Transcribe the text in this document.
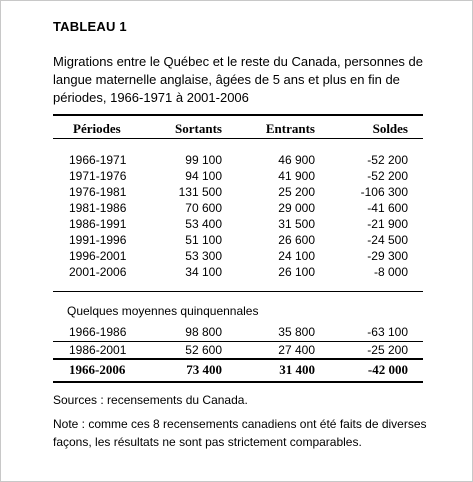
TABLEAU 1
Migrations entre le Québec et le reste du Canada, personnes de langue maternelle anglaise, âgées de 5 ans et plus en fin de périodes, 1966-1971 à 2001-2006
Périodes	Sortants	Entrants	Soldes
1966-1971	99 100	46 900	-52 200
1971-1976	94 100	41 900	-52 200
1976-1981	131 500	25 200	-106 300
1981-1986	70 600	29 000	-41 600
1986-1991	53 400	31 500	-21 900
1991-1996	51 100	26 600	-24 500
1996-2001	53 300	24 100	-29 300
2001-2006	34 100	26 100	-8 000
Quelques moyennes quinquennales
1966-1986	98 800	35 800	-63 100
1986-2001	52 600	27 400	-25 200
1966-2006	73 400	31 400	-42 000
Sources : recensements du Canada.
Note : comme ces 8 recensements canadiens ont été faits de diverses façons, les résultats ne sont pas strictement comparables.
